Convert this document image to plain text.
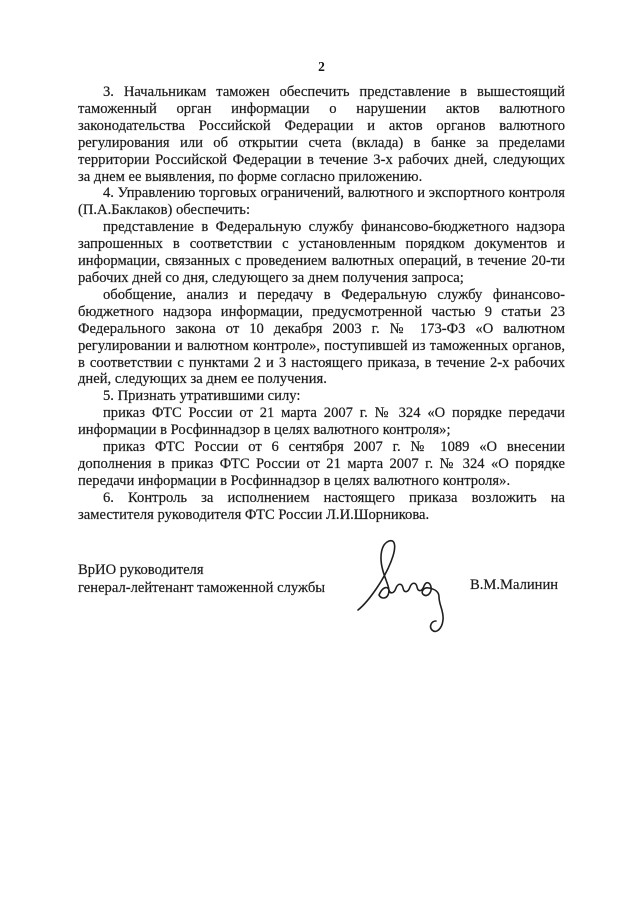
2

3. Начальникам таможен обеспечить представление в вышестоящий таможенный орган информации о нарушении актов валютного законодательства Российской Федерации и актов органов валютного регулирования или об открытии счета (вклада) в банке за пределами территории Российской Федерации в течение 3-х рабочих дней, следующих за днем ее выявления, по форме согласно приложению.

4. Управлению торговых ограничений, валютного и экспортного контроля (П.А.Баклаков) обеспечить:

представление в Федеральную службу финансово-бюджетного надзора запрошенных в соответствии с установленным порядком документов и информации, связанных с проведением валютных операций, в течение 20-ти рабочих дней со дня, следующего за днем получения запроса;

обобщение, анализ и передачу в Федеральную службу финансово-бюджетного надзора информации, предусмотренной частью 9 статьи 23 Федерального закона от 10 декабря 2003 г. № 173-ФЗ «О валютном регулировании и валютном контроле», поступившей из таможенных органов, в соответствии с пунктами 2 и 3 настоящего приказа, в течение 2-х рабочих дней, следующих за днем ее получения.

5. Признать утратившими силу:

приказ ФТС России от 21 марта 2007 г. № 324 «О порядке передачи информации в Росфиннадзор в целях валютного контроля»;

приказ ФТС России от 6 сентября 2007 г. № 1089 «О внесении дополнения в приказ ФТС России от 21 марта 2007 г. № 324 «О порядке передачи информации в Росфиннадзор в целях валютного контроля».

6. Контроль за исполнением настоящего приказа возложить на заместителя руководителя ФТС России Л.И.Шорникова.

ВрИО руководителя
генерал-лейтенант таможенной службы	В.М.Малинин
